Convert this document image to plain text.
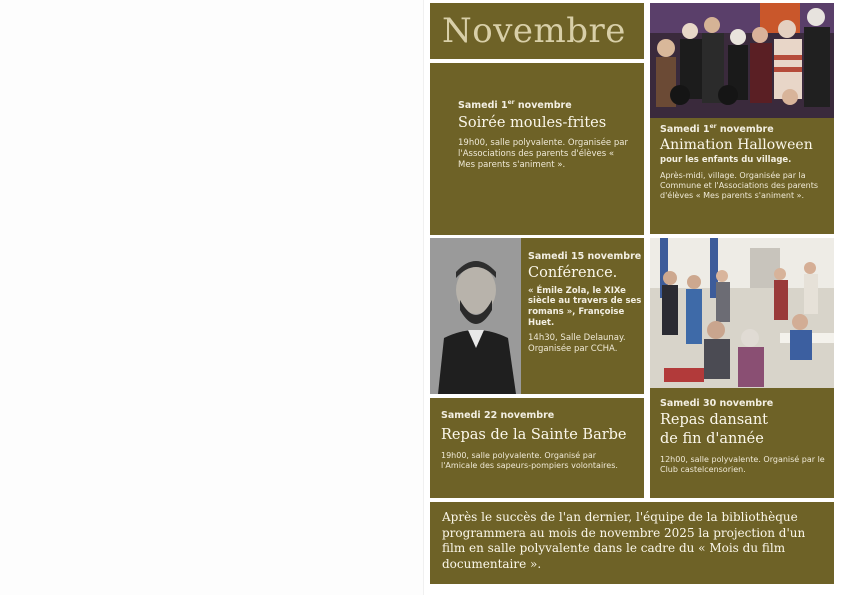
Novembre
Samedi 1er novembre
Soirée moules-frites
19h00, salle polyvalente. Organisée par l'Associations des parents d'élèves « Mes parents s'animent ».
Samedi 1er novembre
Animation Halloween
pour les enfants du village.
Après-midi, village. Organisée par la Commune et l'Associations des parents d'élèves « Mes parents s'animent ».
Samedi 15 novembre
Conférence.
« Émile Zola, le XIXe siècle au travers de ses romans », Françoise Huet.
14h30, Salle Delaunay. Organisée par CCHA.
Samedi 22 novembre
Repas de la Sainte Barbe
19h00, salle polyvalente. Organisé par l'Amicale des sapeurs-pompiers volontaires.
Samedi 30 novembre
Repas dansant
de fin d'année
12h00, salle polyvalente. Organisé par le Club castelcensorien.
Après le succès de l'an dernier, l'équipe de la bibliothèque programmera au mois de novembre 2025 la projection d'un film en salle polyvalente dans le cadre du « Mois du film documentaire ».
